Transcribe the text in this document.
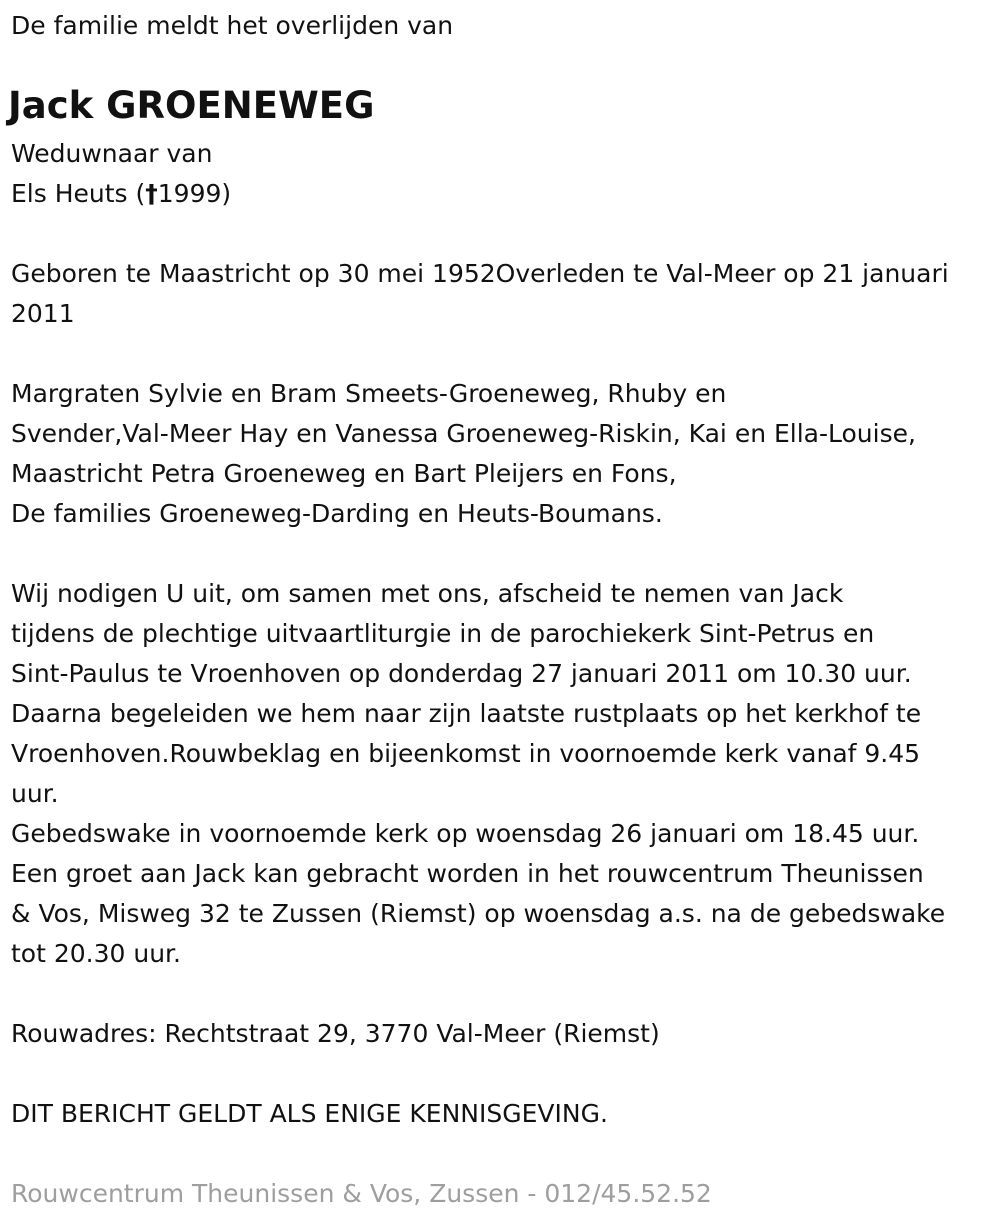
De familie meldt het overlijden van

Jack GROENEWEG

Weduwnaar van

Els Heuts (†1999)

Geboren te Maastricht op 30 mei 1952Overleden te Val-Meer op 21 januari 2011

Margraten Sylvie en Bram Smeets-Groeneweg, Rhuby en

Svender,Val-Meer Hay en Vanessa Groeneweg-Riskin, Kai en Ella-Louise,

Maastricht Petra Groeneweg en Bart Pleijers en Fons,

De families Groeneweg-Darding en Heuts-Boumans.

Wij nodigen U uit, om samen met ons, afscheid te nemen van Jack

tijdens de plechtige uitvaartliturgie in de parochiekerk Sint-Petrus en

Sint-Paulus te Vroenhoven op donderdag 27 januari 2011 om 10.30 uur.

Daarna begeleiden we hem naar zijn laatste rustplaats op het kerkhof te

Vroenhoven.Rouwbeklag en bijeenkomst in voornoemde kerk vanaf 9.45

uur.

Gebedswake in voornoemde kerk op woensdag 26 januari om 18.45 uur.

Een groet aan Jack kan gebracht worden in het rouwcentrum Theunissen

& Vos, Misweg 32 te Zussen (Riemst) op woensdag a.s. na de gebedswake

tot 20.30 uur.

Rouwadres: Rechtstraat 29, 3770 Val-Meer (Riemst)

DIT BERICHT GELDT ALS ENIGE KENNISGEVING.

Rouwcentrum Theunissen & Vos, Zussen - 012/45.52.52
